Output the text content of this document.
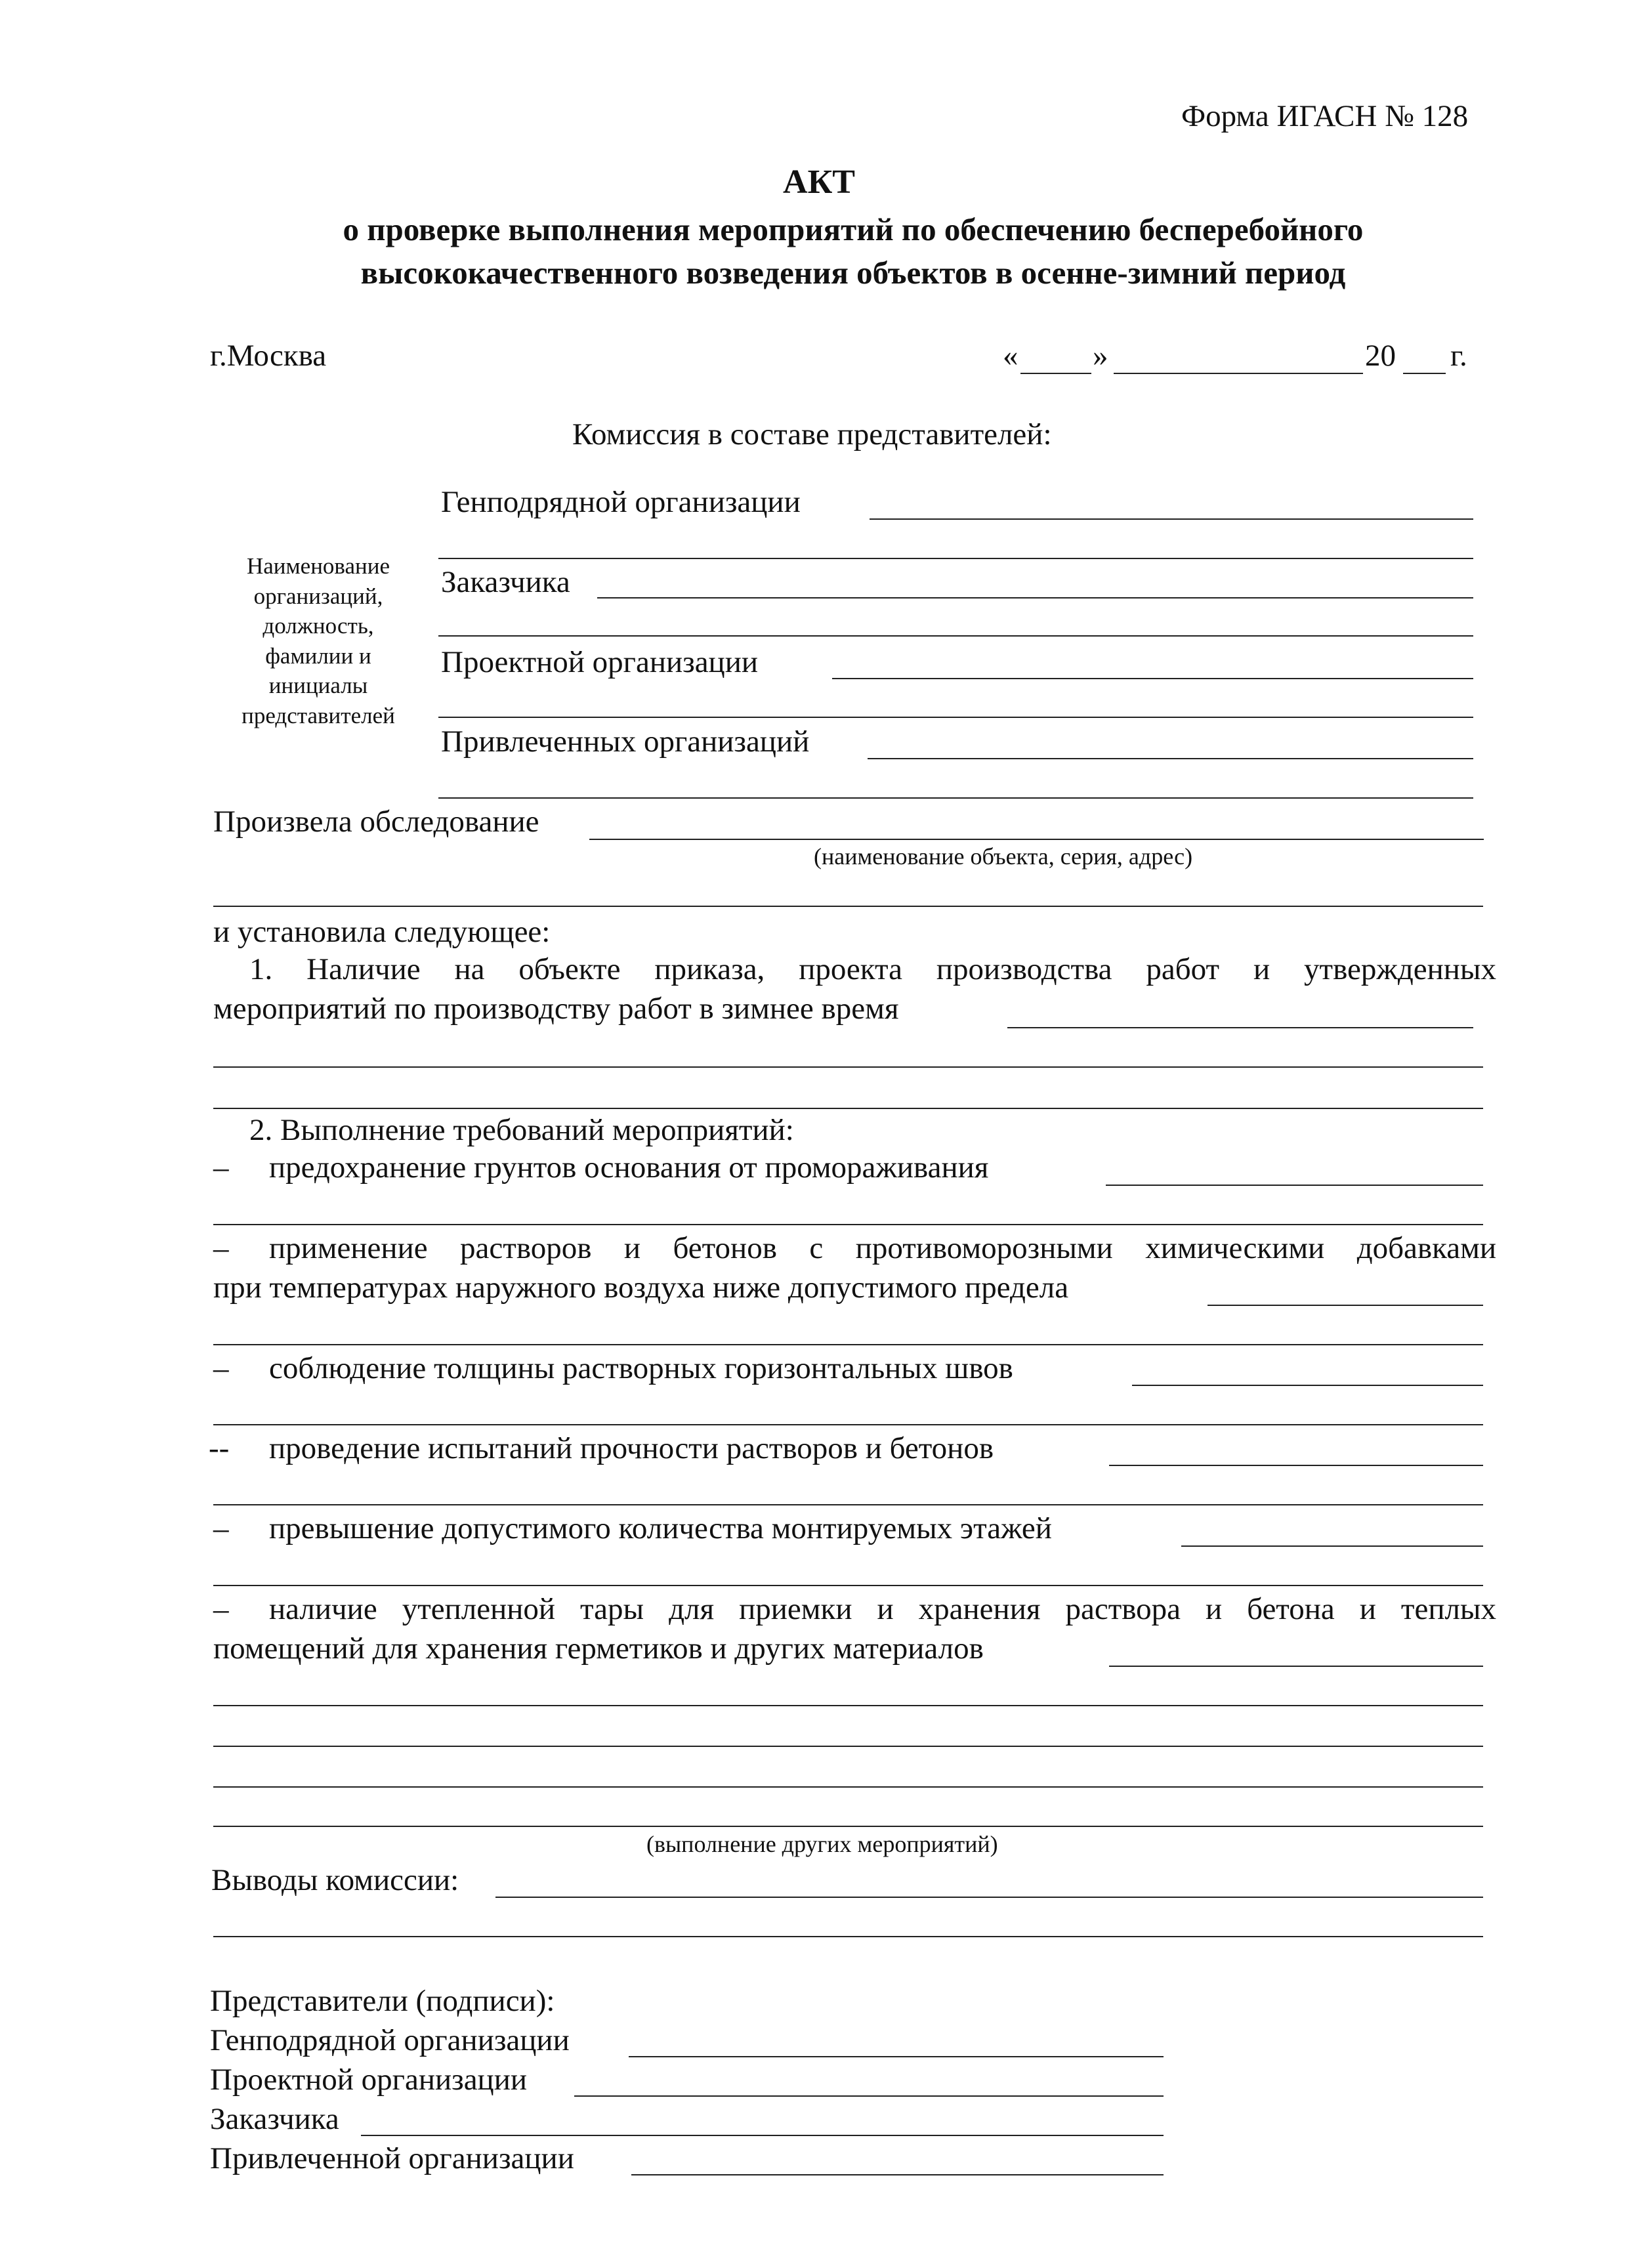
Форма ИГАСН № 128
АКТ
о проверке выполнения мероприятий по обеспечению бесперебойного
высококачественного возведения объектов в осенне-зимний период
г.Москва	« »	20 г.
Комиссия в составе представителей:
Наименование
организаций,
должность,
фамилии и
инициалы
представителей
Генподрядной организации
Заказчика
Проектной организации
Привлеченных организаций
Произвела обследование
(наименование объекта, серия, адрес)
и установила следующее:
1. Наличие на объекте приказа, проекта производства работ и утвержденных
мероприятий по производству работ в зимнее время
2. Выполнение требований мероприятий:
– предохранение грунтов основания от промораживания
– применение растворов и бетонов с противоморозными химическими добавками
при температурах наружного воздуха ниже допустимого предела
– соблюдение толщины растворных горизонтальных швов
-- проведение испытаний прочности растворов и бетонов
– превышение допустимого количества монтируемых этажей
– наличие утепленной тары для приемки и хранения раствора и бетона и теплых
помещений для хранения герметиков и других материалов
(выполнение других мероприятий)
Выводы комиссии:
Представители (подписи):
Генподрядной организации
Проектной организации
Заказчика
Привлеченной организации
